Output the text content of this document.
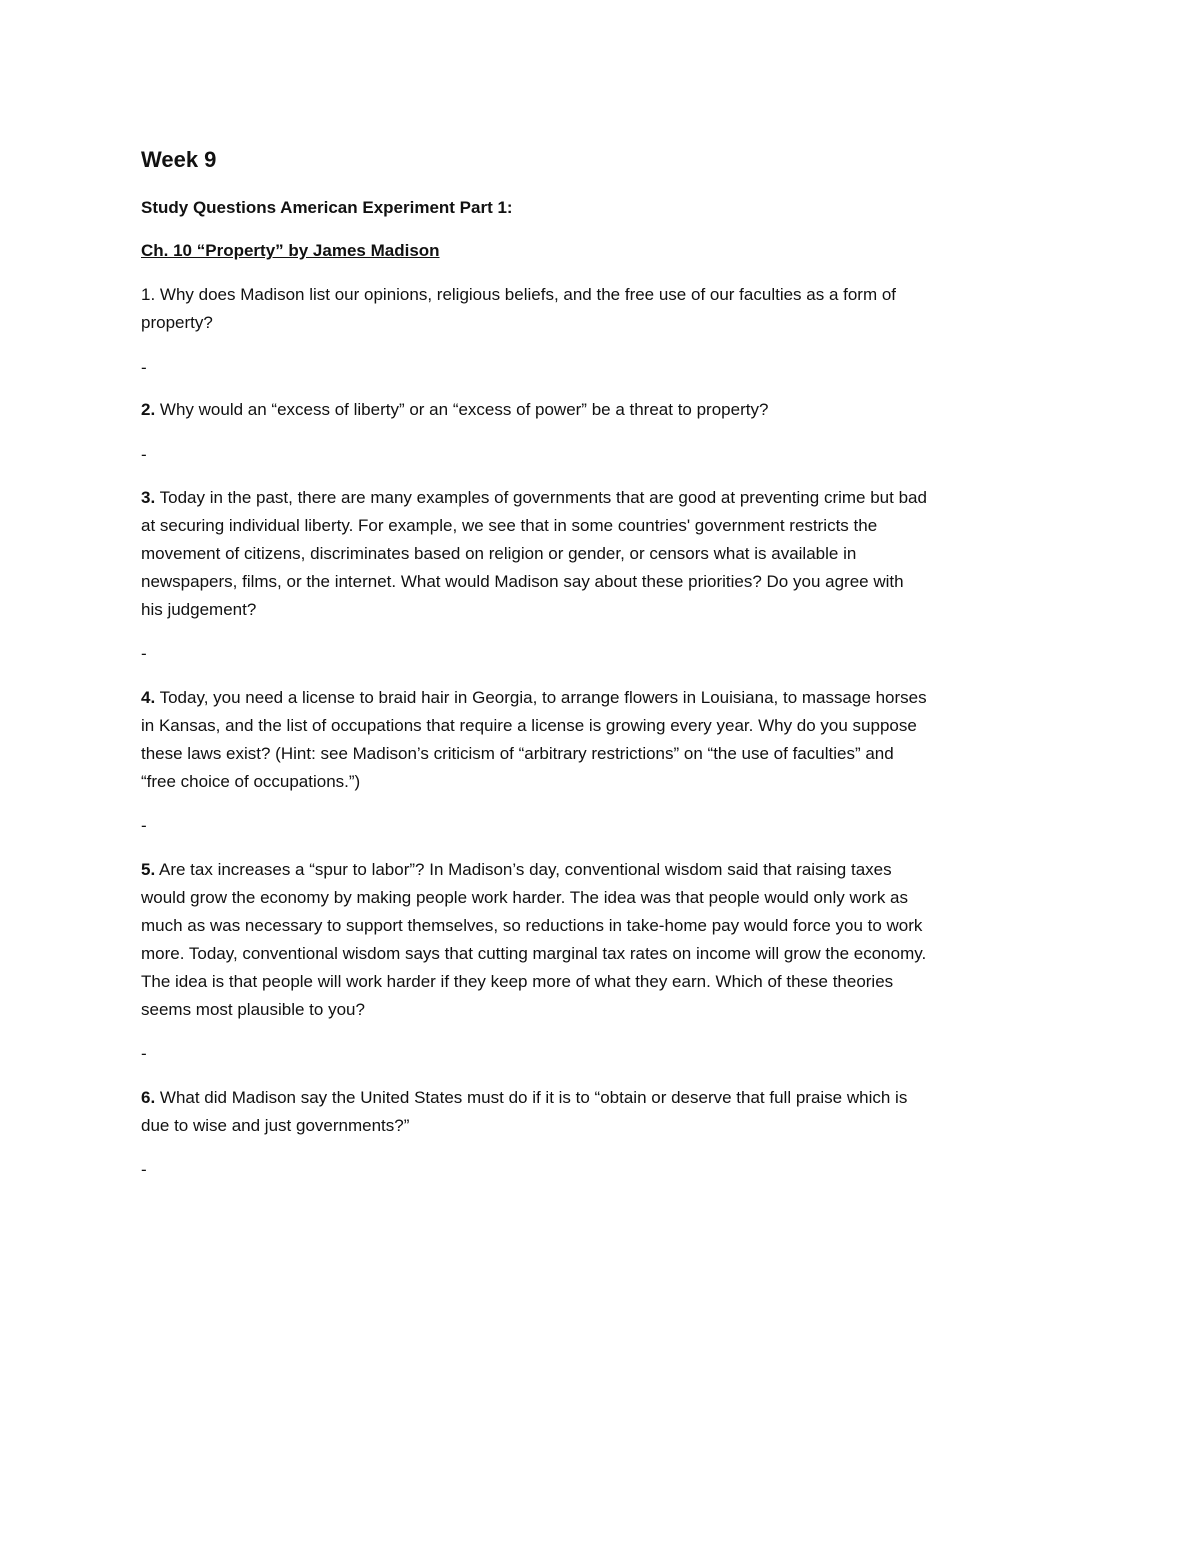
Week 9
Study Questions American Experiment Part 1:
Ch. 10 “Property” by James Madison
1. Why does Madison list our opinions, religious beliefs, and the free use of our faculties as a form of
property?
-
2. Why would an “excess of liberty” or an “excess of power” be a threat to property?
-
3. Today in the past, there are many examples of governments that are good at preventing crime but bad
at securing individual liberty. For example, we see that in some countries' government restricts the
movement of citizens, discriminates based on religion or gender, or censors what is available in
newspapers, films, or the internet. What would Madison say about these priorities? Do you agree with
his judgement?
-
4. Today, you need a license to braid hair in Georgia, to arrange flowers in Louisiana, to massage horses
in Kansas, and the list of occupations that require a license is growing every year. Why do you suppose
these laws exist? (Hint: see Madison’s criticism of “arbitrary restrictions” on “the use of faculties” and
“free choice of occupations.”)
-
5. Are tax increases a “spur to labor”? In Madison’s day, conventional wisdom said that raising taxes
would grow the economy by making people work harder. The idea was that people would only work as
much as was necessary to support themselves, so reductions in take-home pay would force you to work
more. Today, conventional wisdom says that cutting marginal tax rates on income will grow the economy.
The idea is that people will work harder if they keep more of what they earn. Which of these theories
seems most plausible to you?
-
6. What did Madison say the United States must do if it is to “obtain or deserve that full praise which is
due to wise and just governments?”
-
